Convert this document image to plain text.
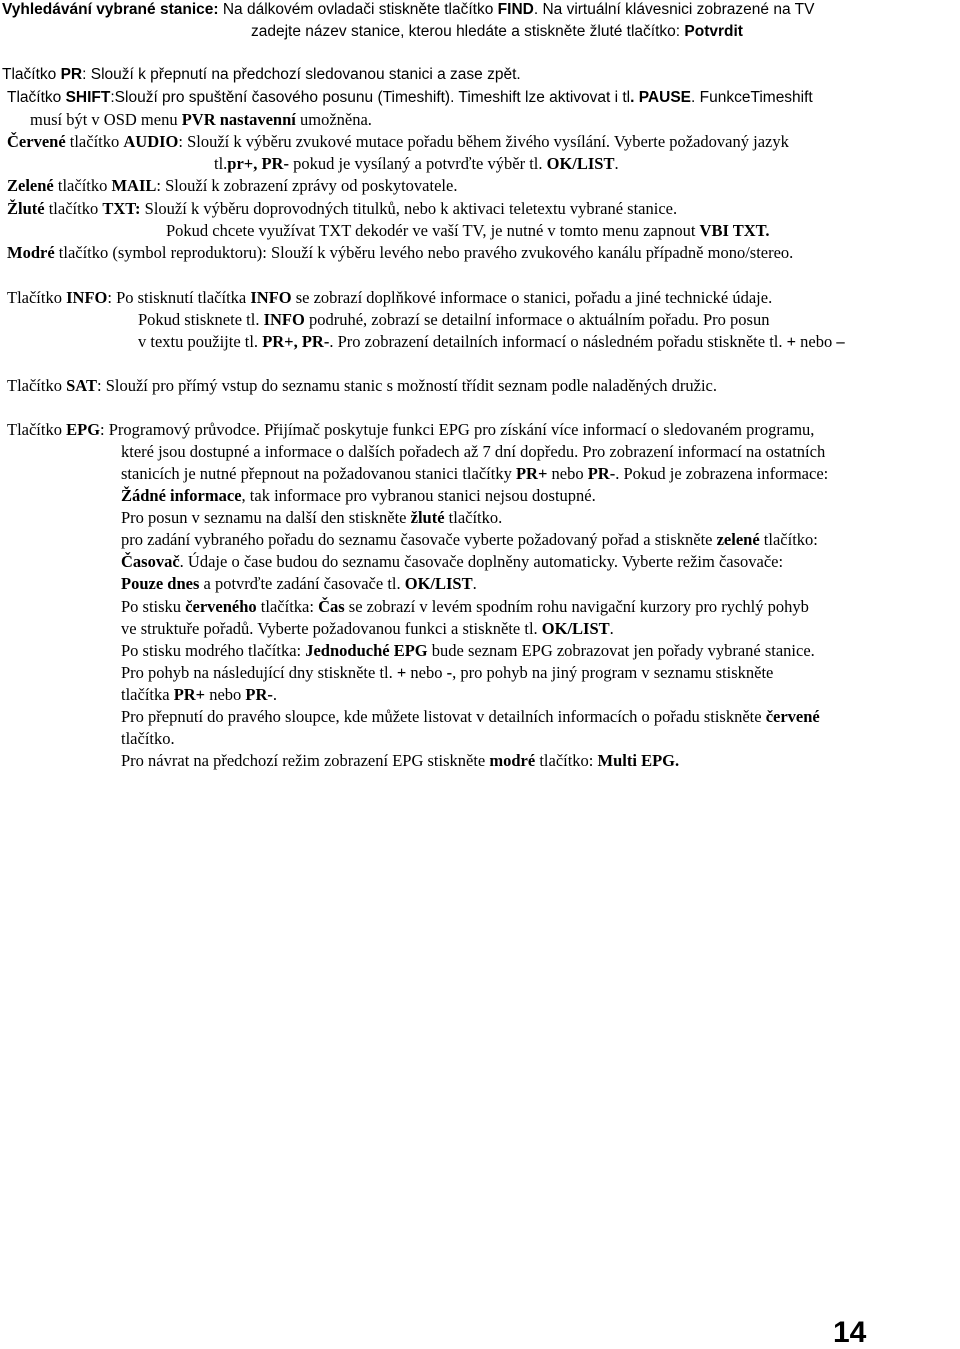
Vyhledávání vybrané stanice: Na dálkovém ovladači stiskněte tlačítko FIND. Na virtuální klávesnici zobrazené na TV
zadejte název stanice, kterou hledáte a stiskněte žluté tlačítko: Potvrdit
Tlačítko PR: Slouží k přepnutí na předchozí sledovanou stanici a zase zpět.
Tlačítko SHIFT:Slouží pro spuštění časového posunu (Timeshift). Timeshift lze aktivovat i tl. PAUSE. FunkceTimeshift
musí být v OSD menu PVR nastavenní umožněna.
Červené tlačítko AUDIO: Slouží k výběru zvukové mutace pořadu během živého vysílání. Vyberte požadovaný jazyk
tl.pr+, PR- pokud je vysílaný a potvrďte výběr tl. OK/LIST.
Zelené tlačítko MAIL: Slouží k zobrazení zprávy od poskytovatele.
Žluté tlačítko TXT: Slouží k výběru doprovodných titulků, nebo k aktivaci teletextu vybrané stanice.
Pokud chcete využívat TXT dekodér ve vaší TV, je nutné v tomto menu zapnout VBI TXT.
Modré tlačítko (symbol reproduktoru): Slouží k výběru levého nebo pravého zvukového kanálu případně mono/stereo.
Tlačítko INFO: Po stisknutí tlačítka INFO se zobrazí doplňkové informace o stanici, pořadu a jiné technické údaje.
Pokud stisknete tl. INFO podruhé, zobrazí se detailní informace o aktuálním pořadu. Pro posun
v textu použijte tl. PR+, PR-. Pro zobrazení detailních informací o následném pořadu stiskněte tl. + nebo –
Tlačítko SAT: Slouží pro přímý vstup do seznamu stanic s možností třídit seznam podle naladěných družic.
Tlačítko EPG: Programový průvodce. Přijímač poskytuje funkci EPG pro získání více informací o sledovaném programu,
které jsou dostupné a informace o dalších pořadech až 7 dní dopředu. Pro zobrazení informací na ostatních
stanicích je nutné přepnout na požadovanou stanici tlačítky PR+ nebo PR-. Pokud je zobrazena informace:
Žádné informace, tak informace pro vybranou stanici nejsou dostupné.
Pro posun v seznamu na další den stiskněte žluté tlačítko.
pro zadání vybraného pořadu do seznamu časovače vyberte požadovaný pořad a stiskněte zelené tlačítko:
Časovač. Údaje o čase budou do seznamu časovače doplněny automaticky. Vyberte režim časovače:
Pouze dnes a potvrďte zadání časovače tl. OK/LIST.
Po stisku červeného tlačítka: Čas se zobrazí v levém spodním rohu navigační kurzory pro rychlý pohyb
ve struktuře pořadů. Vyberte požadovanou funkci a stiskněte tl. OK/LIST.
Po stisku modrého tlačítka: Jednoduché EPG bude seznam EPG zobrazovat jen pořady vybrané stanice.
Pro pohyb na následující dny stiskněte tl. + nebo -, pro pohyb na jiný program v seznamu stiskněte
tlačítka PR+ nebo PR-.
Pro přepnutí do pravého sloupce, kde můžete listovat v detailních informacích o pořadu stiskněte červené
tlačítko.
Pro návrat na předchozí režim zobrazení EPG stiskněte modré tlačítko: Multi EPG.
14
